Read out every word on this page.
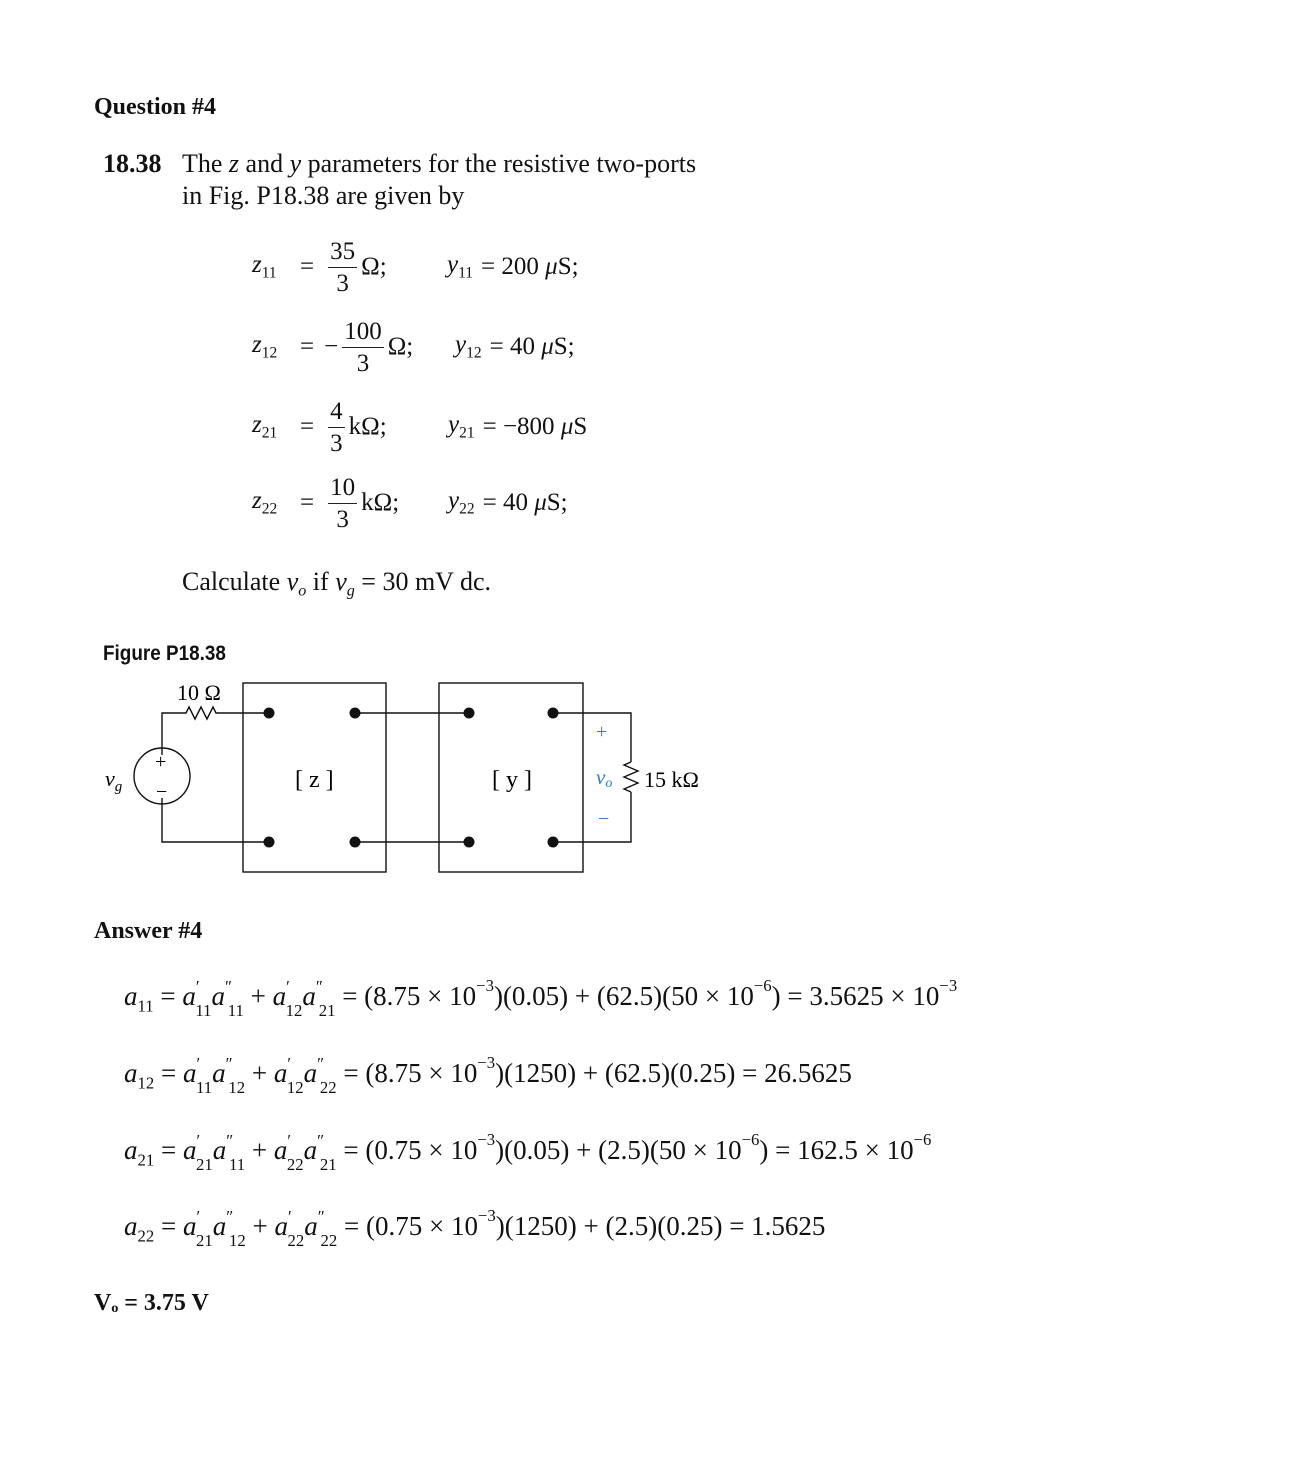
Question #4
18.38 The z and y parameters for the resistive two-ports
in Fig. P18.38 are given by
$z_{11} = \frac{35}{3} \Omega$; $y_{11} = 200$ μS;
$z_{12}$ = − $\frac{100}{3} \Omega$; $y_{12} = 40$ μS;
$z_{21} = \frac{4}{3} k\Omega$; $y_{21} = -800$ μS
$z_{22} = \frac{10}{3} k\Omega$; $y_{22} = 40$ μS;
Calculate $v_o$ if $v_g = 30$ mV dc.
Figure P18.38
10 Ω
+
−
$v_g$	[ z ]	[ y ]
+
vo
−
15 kΩ
Answer #4
$a_{11} = a'_{11}a''_{11} + a'_{12}a''_{21} = (8.75 \times 10^{-3})(0.05) + (62.5)(50 \times 10^{-6}) = 3.5625 \times 10^{-3}$
$a_{12} = a'_{11}a''_{12} + a'_{12}a''_{22} = (8.75 \times 10^{-3})(1250) + (62.5)(0.25) = 26.5625$
$a_{21} = a'_{21}a''_{11} + a'_{22}a''_{21} = (0.75 \times 10^{-3})(0.05) + (2.5)(50 \times 10^{-6}) = 162.5 \times 10^{-6}$
$a_{22} = a'_{21}a''_{12} + a'_{22}a''_{22} = (0.75 \times 10^{-3})(1250) + (2.5)(0.25) = 1.5625$
Vₒ = 3.75 V
